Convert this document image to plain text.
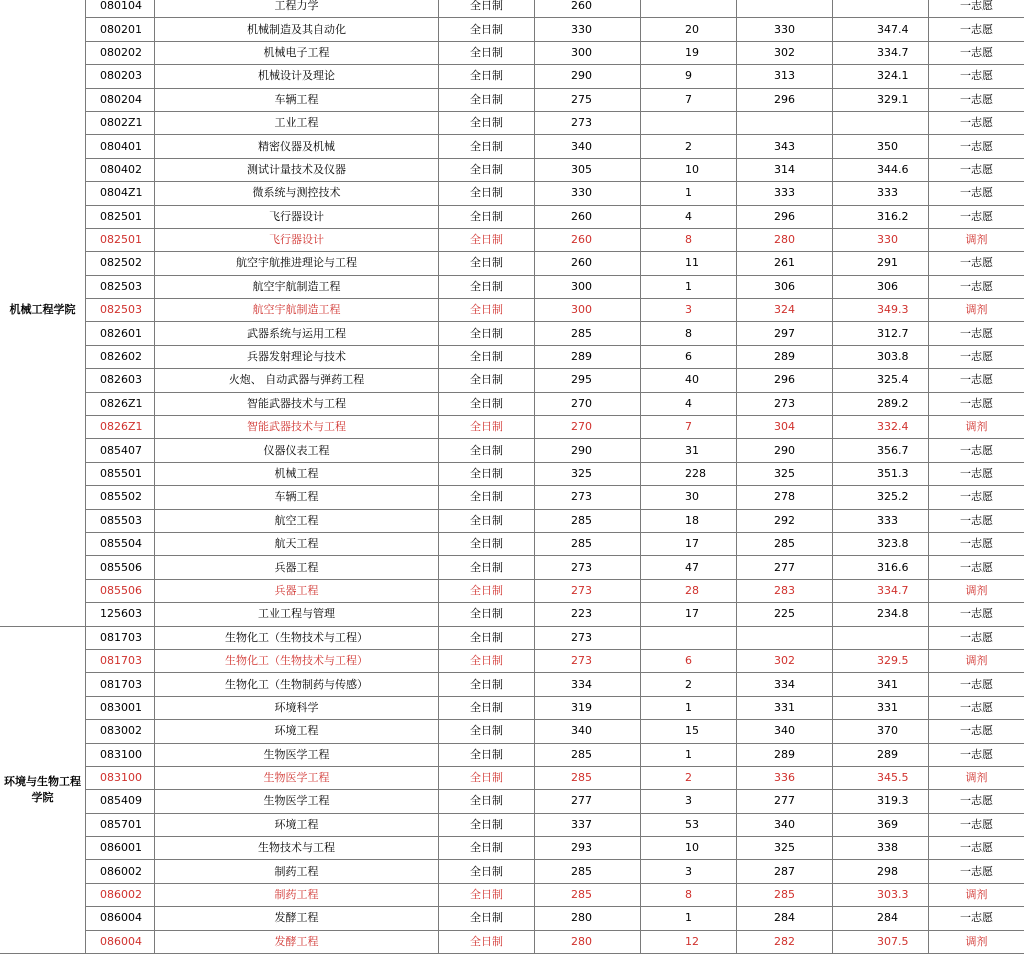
机械工程学院	080104	工程力学	全日制	260				一志愿
	080201	机械制造及其自动化	全日制	330	20	330	347.4	一志愿
	080202	机械电子工程	全日制	300	19	302	334.7	一志愿
	080203	机械设计及理论	全日制	290	9	313	324.1	一志愿
	080204	车辆工程	全日制	275	7	296	329.1	一志愿
	0802Z1	工业工程	全日制	273				一志愿
	080401	精密仪器及机械	全日制	340	2	343	350	一志愿
	080402	测试计量技术及仪器	全日制	305	10	314	344.6	一志愿
	0804Z1	微系统与测控技术	全日制	330	1	333	333	一志愿
	082501	飞行器设计	全日制	260	4	296	316.2	一志愿
	082501	飞行器设计	全日制	260	8	280	330	调剂
	082502	航空宇航推进理论与工程	全日制	260	11	261	291	一志愿
	082503	航空宇航制造工程	全日制	300	1	306	306	一志愿
	082503	航空宇航制造工程	全日制	300	3	324	349.3	调剂
	082601	武器系统与运用工程	全日制	285	8	297	312.7	一志愿
	082602	兵器发射理论与技术	全日制	289	6	289	303.8	一志愿
	082603	火炮、 自动武器与弹药工程	全日制	295	40	296	325.4	一志愿
	0826Z1	智能武器技术与工程	全日制	270	4	273	289.2	一志愿
	0826Z1	智能武器技术与工程	全日制	270	7	304	332.4	调剂
	085407	仪器仪表工程	全日制	290	31	290	356.7	一志愿
	085501	机械工程	全日制	325	228	325	351.3	一志愿
	085502	车辆工程	全日制	273	30	278	325.2	一志愿
	085503	航空工程	全日制	285	18	292	333	一志愿
	085504	航天工程	全日制	285	17	285	323.8	一志愿
	085506	兵器工程	全日制	273	47	277	316.6	一志愿
	085506	兵器工程	全日制	273	28	283	334.7	调剂
	125603	工业工程与管理	全日制	223	17	225	234.8	一志愿
环境与生物工程学院	081703	生物化工（生物技术与工程）	全日制	273				一志愿
	081703	生物化工（生物技术与工程）	全日制	273	6	302	329.5	调剂
	081703	生物化工（生物制药与传感）	全日制	334	2	334	341	一志愿
	083001	环境科学	全日制	319	1	331	331	一志愿
	083002	环境工程	全日制	340	15	340	370	一志愿
	083100	生物医学工程	全日制	285	1	289	289	一志愿
	083100	生物医学工程	全日制	285	2	336	345.5	调剂
	085409	生物医学工程	全日制	277	3	277	319.3	一志愿
	085701	环境工程	全日制	337	53	340	369	一志愿
	086001	生物技术与工程	全日制	293	10	325	338	一志愿
	086002	制药工程	全日制	285	3	287	298	一志愿
	086002	制药工程	全日制	285	8	285	303.3	调剂
	086004	发酵工程	全日制	280	1	284	284	一志愿
	086004	发酵工程	全日制	280	12	282	307.5	调剂
